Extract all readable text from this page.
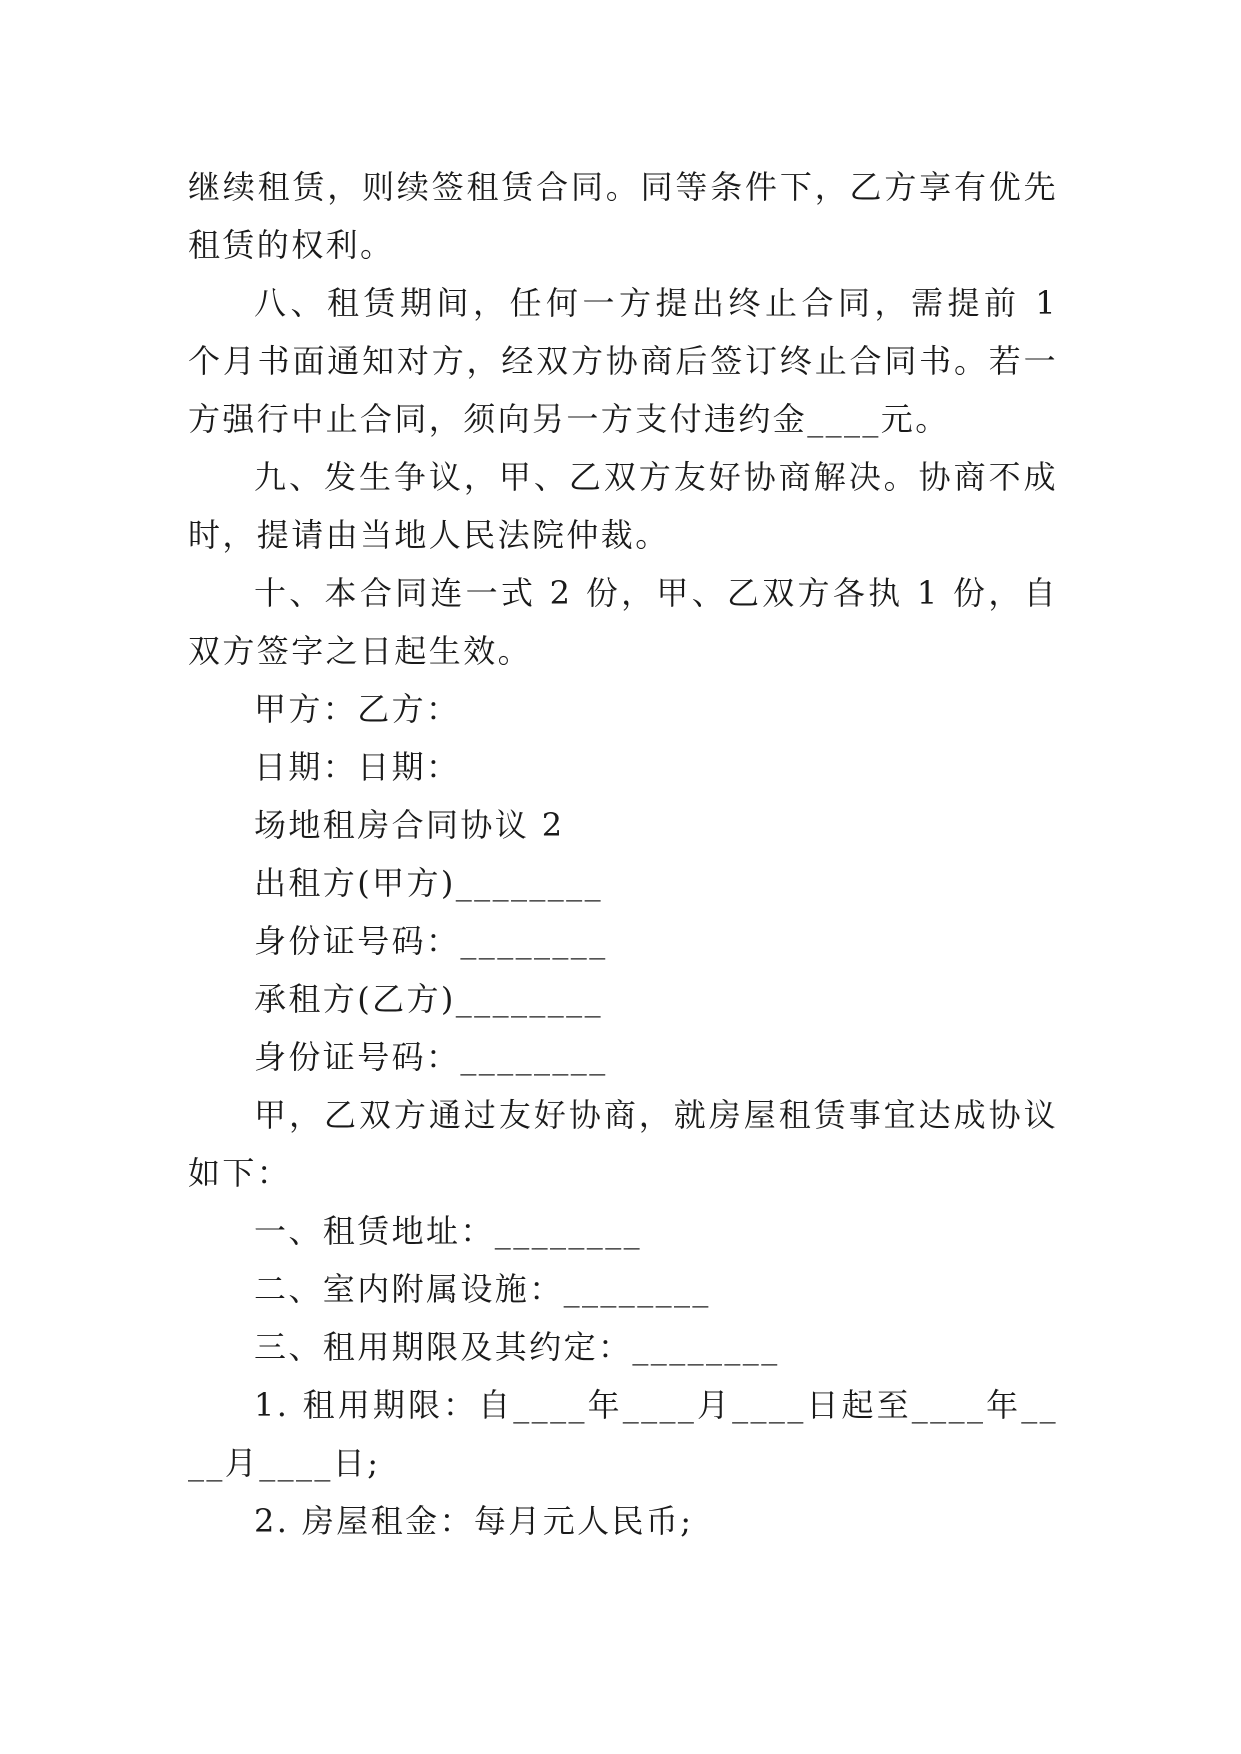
继续租赁，则续签租赁合同。同等条件下，乙方享有优先租赁的权利。

八、租赁期间，任何一方提出终止合同，需提前 1 个月书面通知对方，经双方协商后签订终止合同书。若一方强行中止合同，须向另一方支付违约金____元。

九、发生争议，甲、乙双方友好协商解决。协商不成时，提请由当地人民法院仲裁。

十、本合同连一式 2 份，甲、乙双方各执 1 份，自双方签字之日起生效。

甲方：乙方：

日期：日期：

场地租房合同协议 2

出租方(甲方)________

身份证号码：________

承租方(乙方)________

身份证号码：________

甲，乙双方通过友好协商，就房屋租赁事宜达成协议如下：

一、租赁地址：________

二、室内附属设施：________

三、租用期限及其约定：________

1. 租用期限：自____年____月____日起至____年____月____日;

2. 房屋租金：每月元人民币;
